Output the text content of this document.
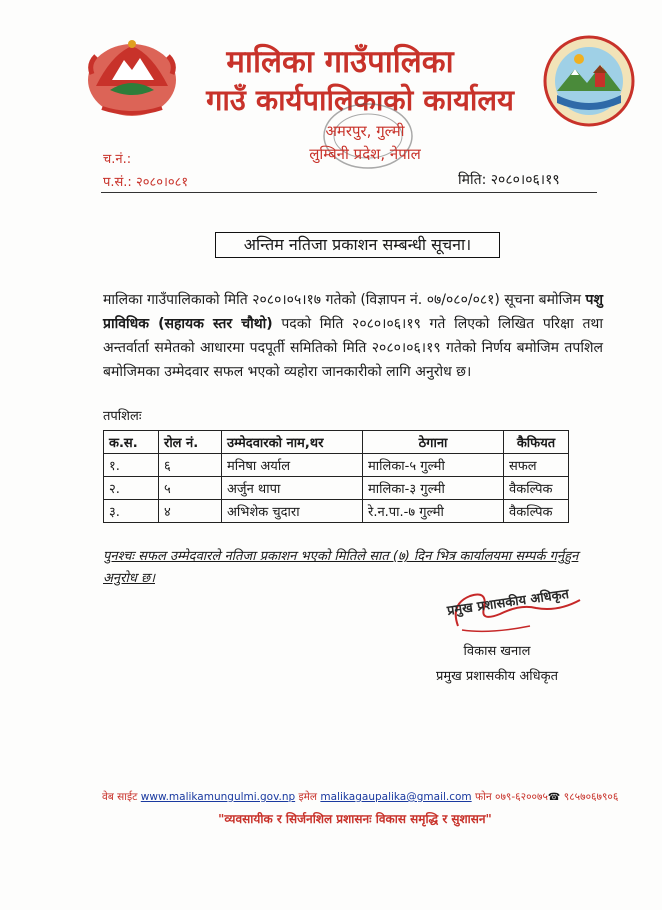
मालिका गाउँपालिका
गाउँ कार्यपालिकाको कार्यालय
अमरपुर, गुल्मी
लुम्बिनी प्रदेश, नेपाल
च.नं.:
प.सं.: २०८०।०८१	मिति: २०८०।०६।१९
अन्तिम नतिजा प्रकाशन सम्बन्धी सूचना।
मालिका गाउँपालिकाको मिति २०८०।०५।१७ गतेको (विज्ञापन नं. ०७/०८०/०८१) सूचना बमोजिम पशु प्राविधिक (सहायक स्तर चौथो) पदको मिति २०८०।०६।१९ गते लिएको लिखित परिक्षा तथा अन्तर्वार्ता समेतको आधारमा पदपूर्ती समितिको मिति २०८०।०६।१९ गतेको निर्णय बमोजिम तपशिल बमोजिमका उम्मेदवार सफल भएको व्यहोरा जानकारीको लागि अनुरोध छ।
तपशिलः
क.स.	रोल नं.	उम्मेदवारको नाम,थर	ठेगाना	कैफियत
१.	६	मनिषा अर्याल	मालिका-५ गुल्मी	सफल
२.	५	अर्जुन थापा	मालिका-३ गुल्मी	वैकल्पिक
३.	४	अभिशेक चुदारा	रे.न.पा.-७ गुल्मी	वैकल्पिक
पुनश्चः सफल उम्मेदवारले नतिजा प्रकाशन भएको मितिले सात (७) दिन भित्र कार्यालयमा सम्पर्क गर्नुहुन अनुरोध छ।
प्रमुख प्रशासकीय अधिकृत
विकास खनाल
प्रमुख प्रशासकीय अधिकृत
वेब साईट www.malikamungulmi.gov.np इमेल malikagaupalika@gmail.com फोन ०७९-६२००७५☎ ९८५७०६७९०६
"व्यवसायीक र सिर्जनशिल प्रशासनः विकास समृद्धि र सुशासन"
